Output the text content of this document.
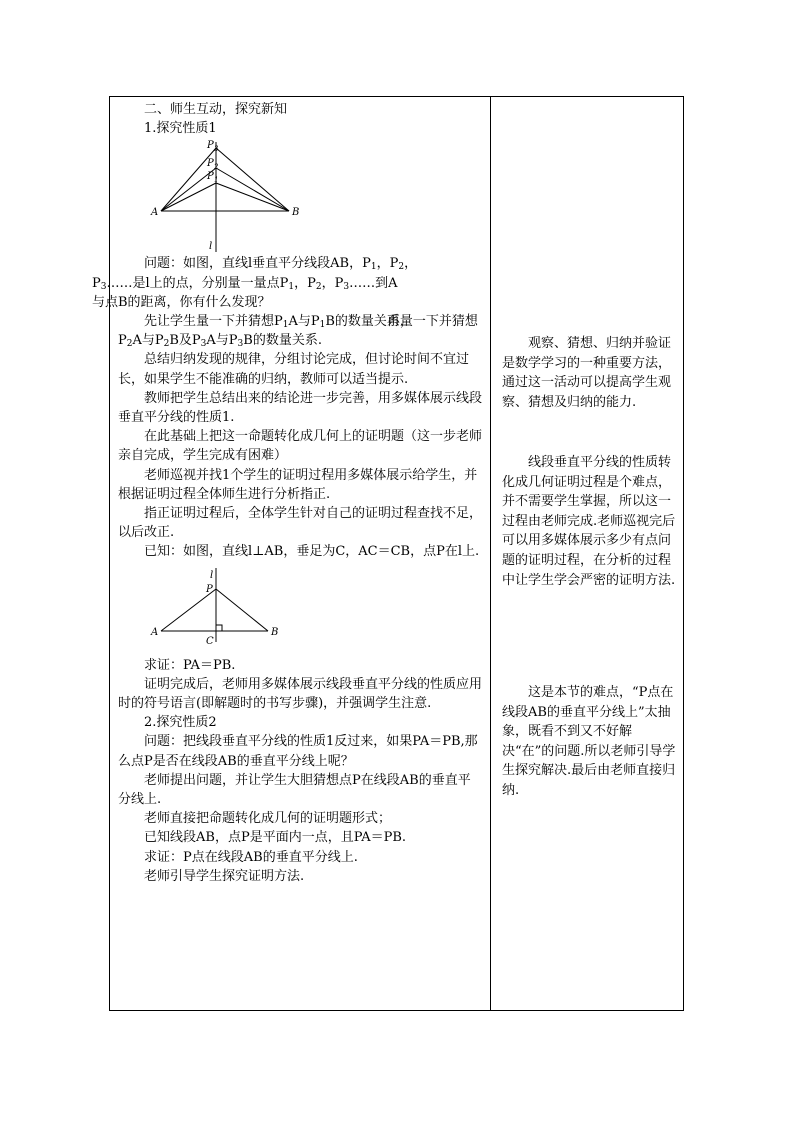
二、师生互动，探究新知

1.探究性质1

P 3
P 2
P 1
A	B
l

问题：如图，直线l垂直平分线段AB，$P_1$，$P_2$，
$P_3\dots\dots$是l上的点，分别量一量点$P_1$，$P_2$，$P_3\dots\dots$到A
与点B的距离，你有什么发现？

先让学生量一下并猜想$P_1A$与$P_1B$的数量关系，再量一下并猜想$P_2A$与$P_2B$及$P_3A$与$P_3B$的数量关系.

总结归纳发现的规律，分组讨论完成，但讨论时间不宜过长，如果学生不能准确的归纳，教师可以适当提示.

教师把学生总结出来的结论进一步完善，用多媒体展示线段垂直平分线的性质1.

在此基础上把这一命题转化成几何上的证明题（这一步老师亲自完成，学生完成有困难）

老师巡视并找1个学生的证明过程用多媒体展示给学生，并根据证明过程全体师生进行分析指正.

指正证明过程后，全体学生针对自己的证明过程查找不足，以后改正.

已知：如图，直线l⊥AB，垂足为C，AC＝CB，点P在l上.

l
P
A
C
B

求证：PA＝PB.

证明完成后，老师用多媒体展示线段垂直平分线的性质应用时的符号语言(即解题时的书写步骤)，并强调学生注意.

2.探究性质2

问题：把线段垂直平分线的性质1反过来，如果PA＝PB,那么点P是否在线段AB的垂直平分线上呢？

老师提出问题，并让学生大胆猜想点P在线段AB的垂直平分线上.

老师直接把命题转化成几何的证明题形式；

已知线段AB，点P是平面内一点，且PA＝PB.

求证：P点在线段AB的垂直平分线上.

老师引导学生探究证明方法.

观察、猜想、归纳并验证是数学学习的一种重要方法，通过这一活动可以提高学生观察、猜想及归纳的能力.

线段垂直平分线的性质转化成几何证明过程是个难点，并不需要学生掌握，所以这一过程由老师完成.老师巡视完后可以用多媒体展示多少有点问题的证明过程，在分析的过程中让学生学会严密的证明方法.

这是本节的难点，“P点在线段AB的垂直平分线上”太抽象，既看不到又不好解决“在”的问题.所以老师引导学生探究解决.最后由老师直接归纳.
